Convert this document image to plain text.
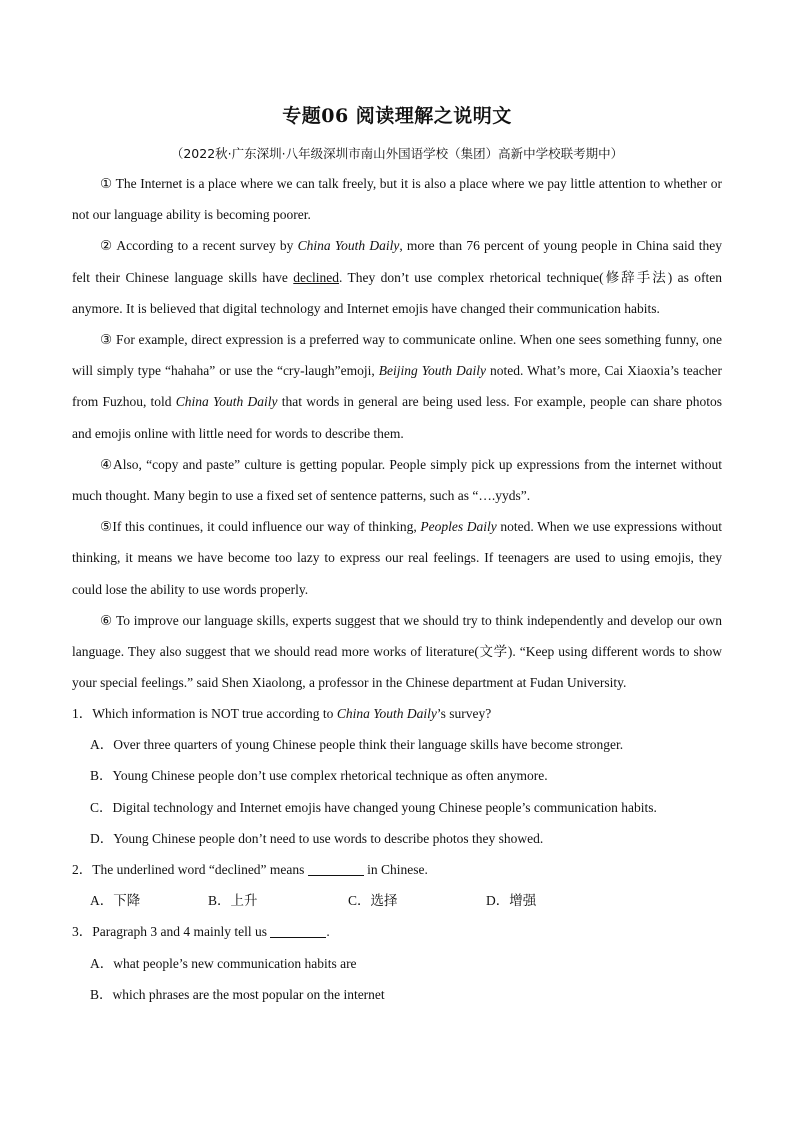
专题06 阅读理解之说明文
（2022秋·广东深圳·八年级深圳市南山外国语学校（集团）高新中学校联考期中）

① The Internet is a place where we can talk freely, but it is also a place where we pay little attention to whether or not our language ability is becoming poorer.

② According to a recent survey by China Youth Daily, more than 76 percent of young people in China said they felt their Chinese language skills have declined. They don’t use complex rhetorical technique(修辞手法) as often anymore. It is believed that digital technology and Internet emojis have changed their communication habits.

③ For example, direct expression is a preferred way to communicate online. When one sees something funny, one will simply type “hahaha” or use the “cry-laugh”emoji, Beijing Youth Daily noted. What’s more, Cai Xiaoxia’s teacher from Fuzhou, told China Youth Daily that words in general are being used less. For example, people can share photos and emojis online with little need for words to describe them.

④Also, “copy and paste” culture is getting popular. People simply pick up expressions from the internet without much thought. Many begin to use a fixed set of sentence patterns, such as “….yyds”.

⑤If this continues, it could influence our way of thinking, Peoples Daily noted. When we use expressions without thinking, it means we have become too lazy to express our real feelings. If teenagers are used to using emojis, they could lose the ability to use words properly.

⑥ To improve our language skills, experts suggest that we should try to think independently and develop our own language. They also suggest that we should read more works of literature(文学). “Keep using different words to show your special feelings.” said Shen Xiaolong, a professor in the Chinese department at Fudan University.

1．Which information is NOT true according to China Youth Daily’s survey?

A．Over three quarters of young Chinese people think their language skills have become stronger.

B．Young Chinese people don’t use complex rhetorical technique as often anymore.

C．Digital technology and Internet emojis have changed young Chinese people’s communication habits.

D．Young Chinese people don’t need to use words to describe photos they showed.

2．The underlined word “declined” means	in Chinese.

A．下降	B．上升	C．选择	D．增强

3．Paragraph 3 and 4 mainly tell us	.

A．what people’s new communication habits are

B．which phrases are the most popular on the internet
